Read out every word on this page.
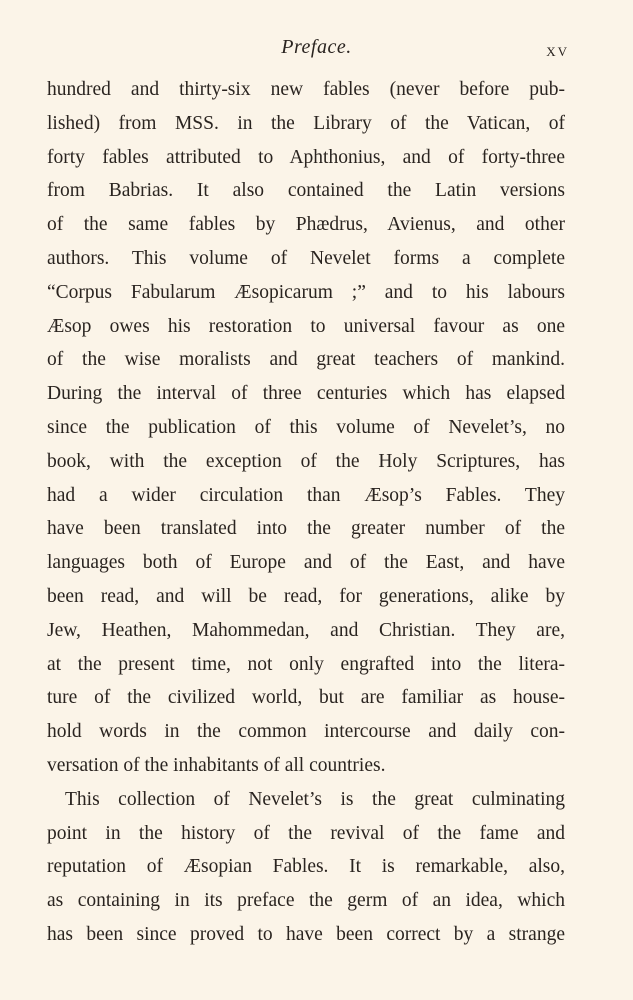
Preface.	xv
hundred and thirty-six new fables (never before pub-
lished) from MSS. in the Library of the Vatican, of
forty fables attributed to Aphthonius, and of forty-three
from Babrias. It also contained the Latin versions
of the same fables by Phædrus, Avienus, and other
authors. This volume of Nevelet forms a complete
“Corpus Fabularum Æsopicarum ;” and to his labours
Æsop owes his restoration to universal favour as one
of the wise moralists and great teachers of mankind.
During the interval of three centuries which has elapsed
since the publication of this volume of Nevelet’s, no
book, with the exception of the Holy Scriptures, has
had a wider circulation than Æsop’s Fables. They
have been translated into the greater number of the
languages both of Europe and of the East, and have
been read, and will be read, for generations, alike by
Jew, Heathen, Mahommedan, and Christian. They are,
at the present time, not only engrafted into the litera-
ture of the civilized world, but are familiar as house-
hold words in the common intercourse and daily con-
versation of the inhabitants of all countries.
This collection of Nevelet’s is the great culminating
point in the history of the revival of the fame and
reputation of Æsopian Fables. It is remarkable, also,
as containing in its preface the germ of an idea, which
has been since proved to have been correct by a strange
